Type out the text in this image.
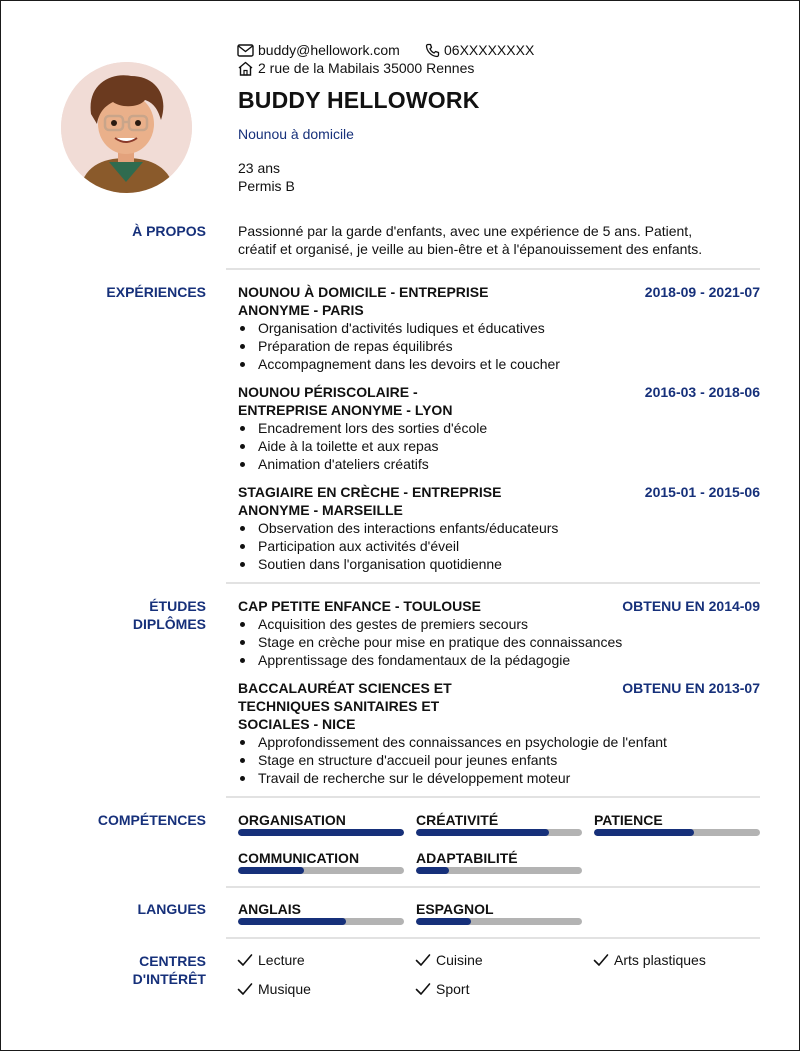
buddy@hellowork.com	06XXXXXXXX
2 rue de la Mabilais 35000 Rennes
BUDDY HELLOWORK
Nounou à domicile
23 ans
Permis B
À PROPOS Passionné par la garde d'enfants, avec une expérience de 5 ans. Patient,
créatif et organisé, je veille au bien-être et à l'épanouissement des enfants.
EXPÉRIENCES NOUNOU À DOMICILE - ENTREPRISE
ANONYME - PARIS
2018-09 - 2021-07
Organisation d'activités ludiques et éducatives
Préparation de repas équilibrés
Accompagnement dans les devoirs et le coucher
NOUNOU PÉRISCOLAIRE -
ENTREPRISE ANONYME - LYON
2016-03 - 2018-06
Encadrement lors des sorties d'école
Aide à la toilette et aux repas
Animation d'ateliers créatifs
STAGIAIRE EN CRÈCHE - ENTREPRISE
ANONYME - MARSEILLE
2015-01 - 2015-06
Observation des interactions enfants/éducateurs
Participation aux activités d'éveil
Soutien dans l'organisation quotidienne
ÉTUDES
DIPLÔMES
CAP PETITE ENFANCE - TOULOUSE	OBTENU EN 2014-09
Acquisition des gestes de premiers secours
Stage en crèche pour mise en pratique des connaissances
Apprentissage des fondamentaux de la pédagogie
BACCALAURÉAT SCIENCES ET
TECHNIQUES SANITAIRES ET
SOCIALES - NICE
OBTENU EN 2013-07
Approfondissement des connaissances en psychologie de l'enfant
Stage en structure d'accueil pour jeunes enfants
Travail de recherche sur le développement moteur
COMPÉTENCES ORGANISATION	CRÉATIVITÉ	PATIENCE
COMMUNICATION	ADAPTABILITÉ
LANGUES ANGLAIS	ESPAGNOL
CENTRES
D'INTÉRÊT
Lecture	Cuisine	Arts plastiques
Musique	Sport
